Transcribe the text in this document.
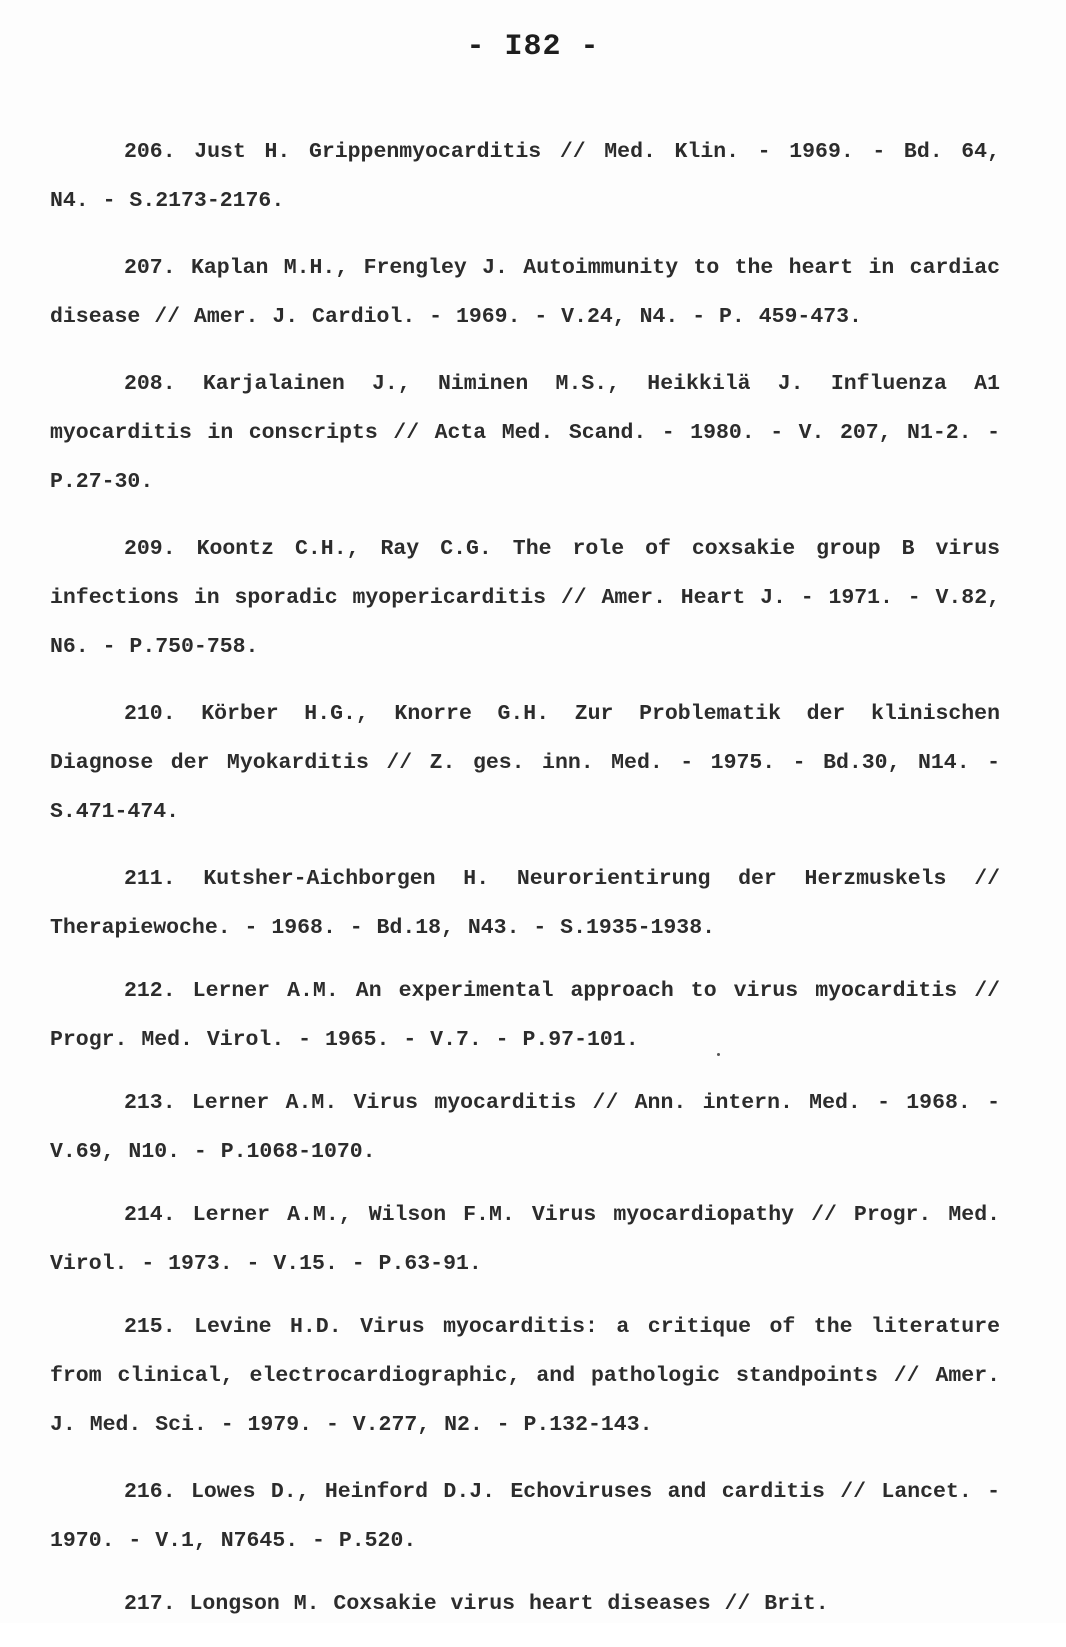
- I82 -

206. Just H. Grippenmyocarditis // Med. Klin. - 1969. - Bd. 64, N4. - S.2173-2176.

207. Kaplan M.H., Frengley J. Autoimmunity to the heart in cardiac disease // Amer. J. Cardiol. - 1969. - V.24, N4. - P. 459-473.

208. Karjalainen J., Niminen M.S., Heikkilä J. Influenza A1 myocarditis in conscripts // Acta Med. Scand. - 1980. - V. 207, N1-2. - P.27-30.

209. Koontz C.H., Ray C.G. The role of coxsakie group B virus infections in sporadic myopericarditis // Amer. Heart J. - 1971. - V.82, N6. - P.750-758.

210. Körber H.G., Knorre G.H. Zur Problematik der klinischen Diagnose der Myokarditis // Z. ges. inn. Med. - 1975. - Bd.30, N14. - S.471-474.

211. Kutsher-Aichborgen H. Neurorientirung der Herzmuskels // Therapiewoche. - 1968. - Bd.18, N43. - S.1935-1938.

212. Lerner A.M. An experimental approach to virus myocarditis // Progr. Med. Virol. - 1965. - V.7. - P.97-101.

213. Lerner A.M. Virus myocarditis // Ann. intern. Med. - 1968. - V.69, N10. - P.1068-1070.

214. Lerner A.M., Wilson F.M. Virus myocardiopathy // Progr. Med. Virol. - 1973. - V.15. - P.63-91.

215. Levine H.D. Virus myocarditis: a critique of the literature from clinical, electrocardiographic, and pathologic standpoints // Amer. J. Med. Sci. - 1979. - V.277, N2. - P.132-143.

216. Lowes D., Heinford D.J. Echoviruses and carditis // Lancet. - 1970. - V.1, N7645. - P.520.

217. Longson M. Coxsakie virus heart diseases // Brit.
